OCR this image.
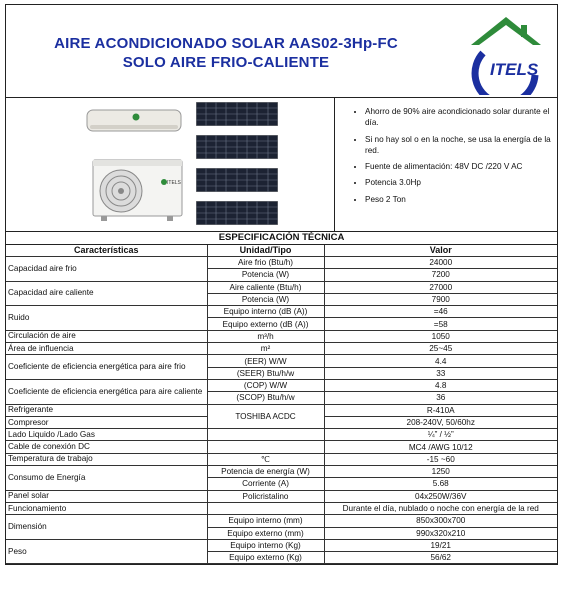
AIRE ACONDICIONADO SOLAR AAS02-3Hp-FC
SOLO AIRE FRIO-CALIENTE	ITELS
ITELS

• Ahorro de 90% aire acondicionado solar durante el día.
• Si no hay sol o en la noche, se usa la energía de la red.
• Fuente de alimentación: 48V DC /220 V AC
• Potencia 3.0Hp
• Peso 2 Ton
ESPECIFICACIÓN TÉCNICA
Características	Unidad/Tipo	Valor
Capacidad aire frio	Aire frio (Btu/h)	24000
	Potencia (W)	7200
Capacidad aire caliente	Aire caliente (Btu/h)	27000
	Potencia (W)	7900
Ruido	Equipo interno (dB (A))	=46
	Equipo externo (dB (A))	=58
Circulación de aire	m³/h	1050
Área de influencia	m²	25~45
Coeficiente de eficiencia energética para aire frio	(EER) W/W	4.4
	(SEER) Btu/h/w	33
Coeficiente de eficiencia energética para aire caliente	(COP) W/W	4.8
	(SCOP) Btu/h/w	36
Refrigerante	TOSHIBA ACDC	R-410A
Compresor		208-240V, 50/60hz
Lado Liquido /Lado Gas		¼” / ½”
Cable de conexión DC		MC4 /AWG 10/12
Temperatura de trabajo	℃	-15 ~60
Consumo de Energía	Potencia de energía (W)	1250
	Corriente (A)	5.68
Panel solar	Policristalino	04x250W/36V
Funcionamiento		Durante el día, nublado o noche con energía de la red
Dimensión	Equipo interno (mm)	850x300x700
	Equipo externo (mm)	990x320x210
Peso	Equipo interno (Kg)	19/21
	Equipo externo (Kg)	56/62
